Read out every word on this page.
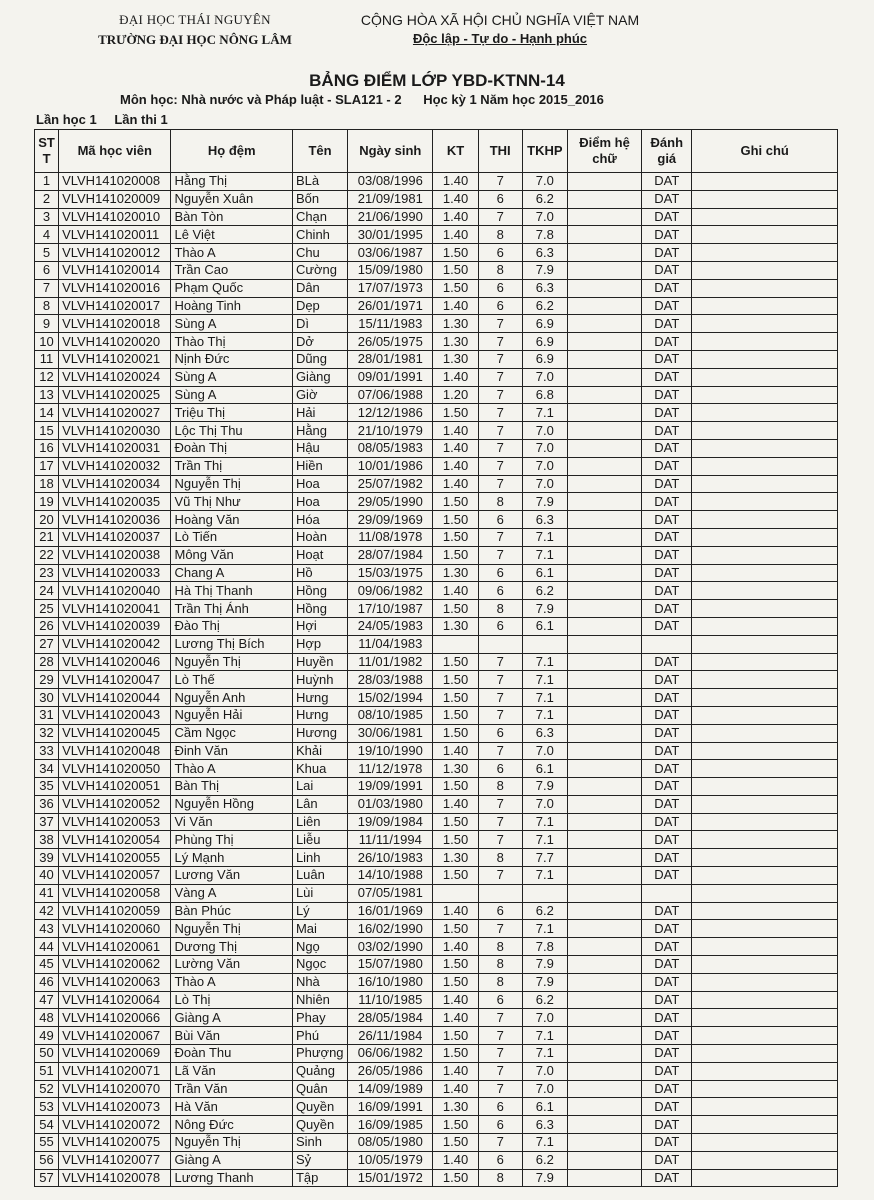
ĐẠI HỌC THÁI NGUYÊN
TRƯỜNG ĐẠI HỌC NÔNG LÂM
CỘNG HÒA XÃ HỘI CHỦ NGHĨA VIỆT NAM
Độc lập - Tự do - Hạnh phúc
BẢNG ĐIỂM LỚP YBD-KTNN-14
Môn học: Nhà nước và Pháp luật - SLA121 - 2 Học kỳ 1 Năm học 2015_2016
Lần học 1 Lần thi 1
ST T	Mã học viên	Họ đệm	Tên	Ngày sinh	KT	THI	TKHP	Điểm hệ chữ	Đánh giá	Ghi chú
1	VLVH141020008	Hằng Thị	BLà	03/08/1996	1.40	7	7.0		DAT	
2	VLVH141020009	Nguyễn Xuân	Bốn	21/09/1981	1.40	6	6.2		DAT	
3	VLVH141020010	Bàn Tòn	Chạn	21/06/1990	1.40	7	7.0		DAT	
4	VLVH141020011	Lê Việt	Chinh	30/01/1995	1.40	8	7.8		DAT	
5	VLVH141020012	Thào A	Chu	03/06/1987	1.50	6	6.3		DAT	
6	VLVH141020014	Trần Cao	Cường	15/09/1980	1.50	8	7.9		DAT	
7	VLVH141020016	Phạm Quốc	Dân	17/07/1973	1.50	6	6.3		DAT	
8	VLVH141020017	Hoàng Tinh	Dẹp	26/01/1971	1.40	6	6.2		DAT	
9	VLVH141020018	Sùng A	Dì	15/11/1983	1.30	7	6.9		DAT	
10	VLVH141020020	Thào Thị	Dở	26/05/1975	1.30	7	6.9		DAT	
11	VLVH141020021	Nịnh Đức	Dũng	28/01/1981	1.30	7	6.9		DAT	
12	VLVH141020024	Sùng A	Giàng	09/01/1991	1.40	7	7.0		DAT	
13	VLVH141020025	Sùng A	Giờ	07/06/1988	1.20	7	6.8		DAT	
14	VLVH141020027	Triệu Thị	Hải	12/12/1986	1.50	7	7.1		DAT	
15	VLVH141020030	Lộc Thị Thu	Hằng	21/10/1979	1.40	7	7.0		DAT	
16	VLVH141020031	Đoàn Thị	Hậu	08/05/1983	1.40	7	7.0		DAT	
17	VLVH141020032	Trần Thị	Hiền	10/01/1986	1.40	7	7.0		DAT	
18	VLVH141020034	Nguyễn Thị	Hoa	25/07/1982	1.40	7	7.0		DAT	
19	VLVH141020035	Vũ Thị Như	Hoa	29/05/1990	1.50	8	7.9		DAT	
20	VLVH141020036	Hoàng Văn	Hóa	29/09/1969	1.50	6	6.3		DAT	
21	VLVH141020037	Lò Tiến	Hoàn	11/08/1978	1.50	7	7.1		DAT	
22	VLVH141020038	Mông Văn	Hoạt	28/07/1984	1.50	7	7.1		DAT	
23	VLVH141020033	Chang A	Hồ	15/03/1975	1.30	6	6.1		DAT	
24	VLVH141020040	Hà Thị Thanh	Hồng	09/06/1982	1.40	6	6.2		DAT	
25	VLVH141020041	Trần Thị Ánh	Hồng	17/10/1987	1.50	8	7.9		DAT	
26	VLVH141020039	Đào Thị	Hợi	24/05/1983	1.30	6	6.1		DAT	
27	VLVH141020042	Lương Thị Bích	Hợp	11/04/1983						
28	VLVH141020046	Nguyễn Thị	Huyền	11/01/1982	1.50	7	7.1		DAT	
29	VLVH141020047	Lò Thế	Huỳnh	28/03/1988	1.50	7	7.1		DAT	
30	VLVH141020044	Nguyễn Anh	Hưng	15/02/1994	1.50	7	7.1		DAT	
31	VLVH141020043	Nguyễn Hải	Hưng	08/10/1985	1.50	7	7.1		DAT	
32	VLVH141020045	Cầm Ngọc	Hương	30/06/1981	1.50	6	6.3		DAT	
33	VLVH141020048	Đinh Văn	Khải	19/10/1990	1.40	7	7.0		DAT	
34	VLVH141020050	Thào A	Khua	11/12/1978	1.30	6	6.1		DAT	
35	VLVH141020051	Bàn Thị	Lai	19/09/1991	1.50	8	7.9		DAT	
36	VLVH141020052	Nguyễn Hồng	Lân	01/03/1980	1.40	7	7.0		DAT	
37	VLVH141020053	Vi Văn	Liên	19/09/1984	1.50	7	7.1		DAT	
38	VLVH141020054	Phùng Thị	Liễu	11/11/1994	1.50	7	7.1		DAT	
39	VLVH141020055	Lý Mạnh	Linh	26/10/1983	1.30	8	7.7		DAT	
40	VLVH141020057	Lương Văn	Luân	14/10/1988	1.50	7	7.1		DAT	
41	VLVH141020058	Vàng A	Lùi	07/05/1981						
42	VLVH141020059	Bàn Phúc	Lý	16/01/1969	1.40	6	6.2		DAT	
43	VLVH141020060	Nguyễn Thị	Mai	16/02/1990	1.50	7	7.1		DAT	
44	VLVH141020061	Dương Thị	Ngọ	03/02/1990	1.40	8	7.8		DAT	
45	VLVH141020062	Lường Văn	Ngọc	15/07/1980	1.50	8	7.9		DAT	
46	VLVH141020063	Thào A	Nhà	16/10/1980	1.50	8	7.9		DAT	
47	VLVH141020064	Lò Thị	Nhiên	11/10/1985	1.40	6	6.2		DAT	
48	VLVH141020066	Giàng A	Phay	28/05/1984	1.40	7	7.0		DAT	
49	VLVH141020067	Bùi Văn	Phú	26/11/1984	1.50	7	7.1		DAT	
50	VLVH141020069	Đoàn Thu	Phượng	06/06/1982	1.50	7	7.1		DAT	
51	VLVH141020071	Lã Văn	Quảng	26/05/1986	1.40	7	7.0		DAT	
52	VLVH141020070	Trần Văn	Quân	14/09/1989	1.40	7	7.0		DAT	
53	VLVH141020073	Hà Văn	Quyền	16/09/1991	1.30	6	6.1		DAT	
54	VLVH141020072	Nông Đức	Quyền	16/09/1985	1.50	6	6.3		DAT	
55	VLVH141020075	Nguyễn Thị	Sinh	08/05/1980	1.50	7	7.1		DAT	
56	VLVH141020077	Giàng A	Sỷ	10/05/1979	1.40	6	6.2		DAT	
57	VLVH141020078	Lương Thanh	Tập	15/01/1972	1.50	8	7.9		DAT	
